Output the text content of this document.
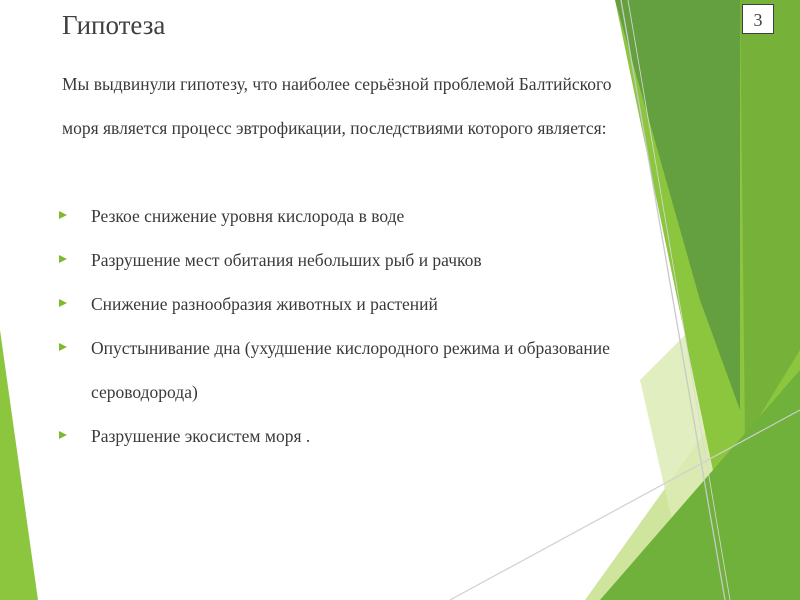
Гипотеза	3

Мы выдвинули гипотезу, что наиболее серьёзной проблемой Балтийского моря является процесс эвтрофикации, последствиями которого является:

Резкое снижение уровня кислорода в воде
Разрушение мест обитания небольших рыб и рачков
Снижение разнообразия животных и растений
Опустынивание дна (ухудшение кислородного режима и образование сероводорода)
Разрушение экосистем моря .
